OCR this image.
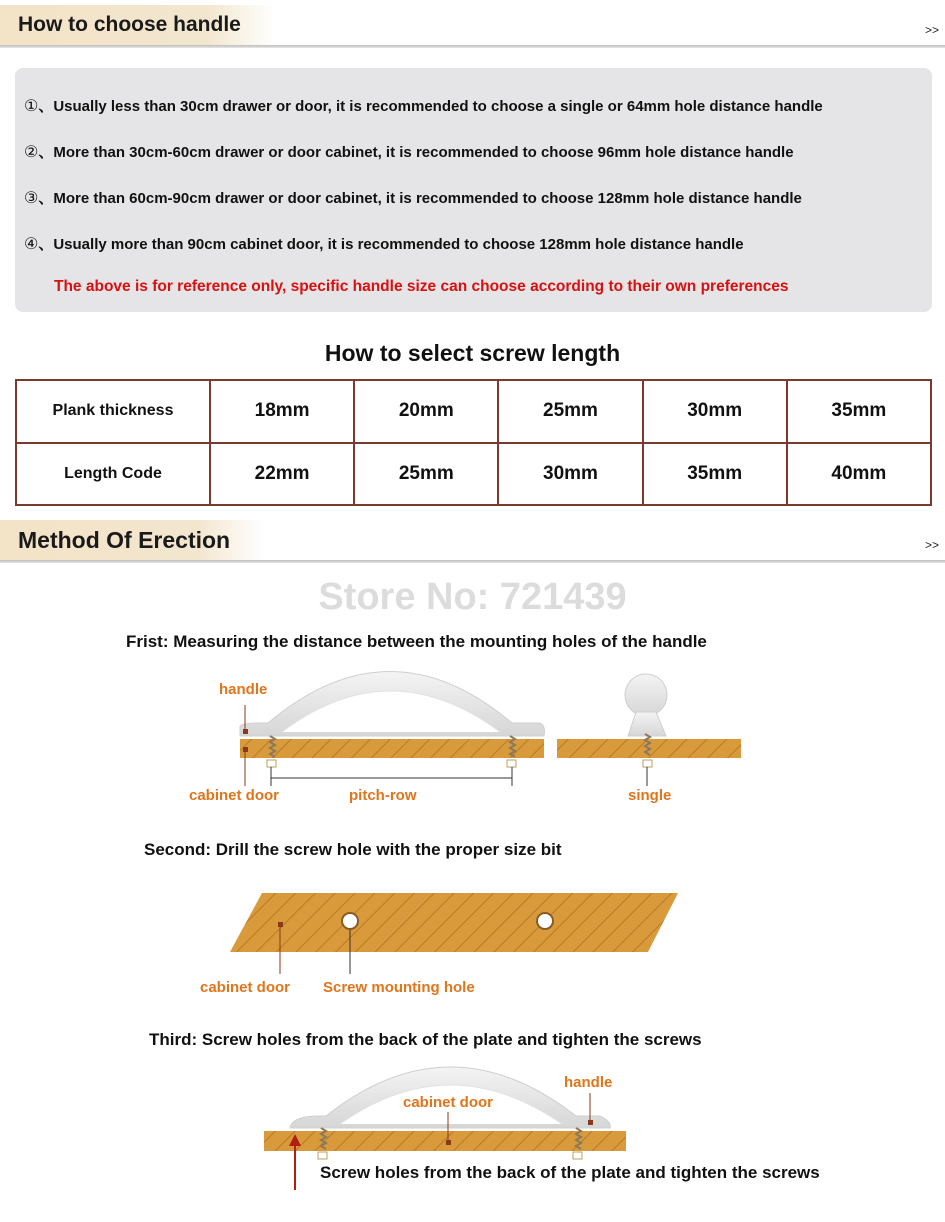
How to choose handle	>>
①、Usually less than 30cm drawer or door, it is recommended to choose a single or 64mm hole distance handle
②、More than 30cm-60cm drawer or door cabinet, it is recommended to choose 96mm hole distance handle
③、More than 60cm-90cm drawer or door cabinet, it is recommended to choose 128mm hole distance handle
④、Usually more than 90cm cabinet door, it is recommended to choose 128mm hole distance handle
The above is for reference only, specific handle size can choose according to their own preferences
How to select screw length
Plank thickness	18mm	20mm	25mm	30mm	35mm
Length Code	22mm	25mm	30mm	35mm	40mm
Method Of Erection	>>
Store No: 721439
Frist: Measuring the distance between the mounting holes of the handle
Second: Drill the screw hole with the proper size bit
Third: Screw holes from the back of the plate and tighten the screws
handle
cabinet door	pitch-row	single
cabinet door Screw mounting hole
cabinet door
handle
Screw holes from the back of the plate and tighten the screws
